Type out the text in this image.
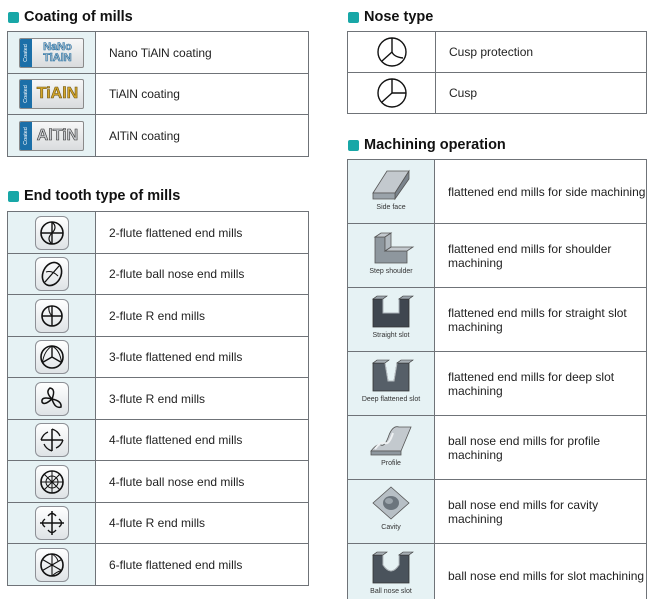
Coating of mills
Coated NaNo
TiAlN	Nano TiAlN coating

Coated TiAlN	TiAlN coating

Coated AlTiN	AlTiN coating
End tooth type of mills
	2-flute flattened end mills

	2-flute ball nose end mills

	2-flute R end mills

	3-flute flattened end mills

	3-flute R end mills

	4-flute flattened end mills

	4-flute ball nose end mills

	4-flute R end mills

	6-flute flattened end mills
Nose type
	Cusp protection
	Cusp
Machining operation
Side face	flattened end mills for side machining

Step shoulder	flattened end mills for shoulder machining

Straight slot	flattened end mills for straight slot machining

Deep flattened slot	flattened end mills for deep slot machining

Profile	ball nose end mills for profile machining

Cavity	ball nose end mills for cavity machining

Ball nose slot	ball nose end mills for slot machining
